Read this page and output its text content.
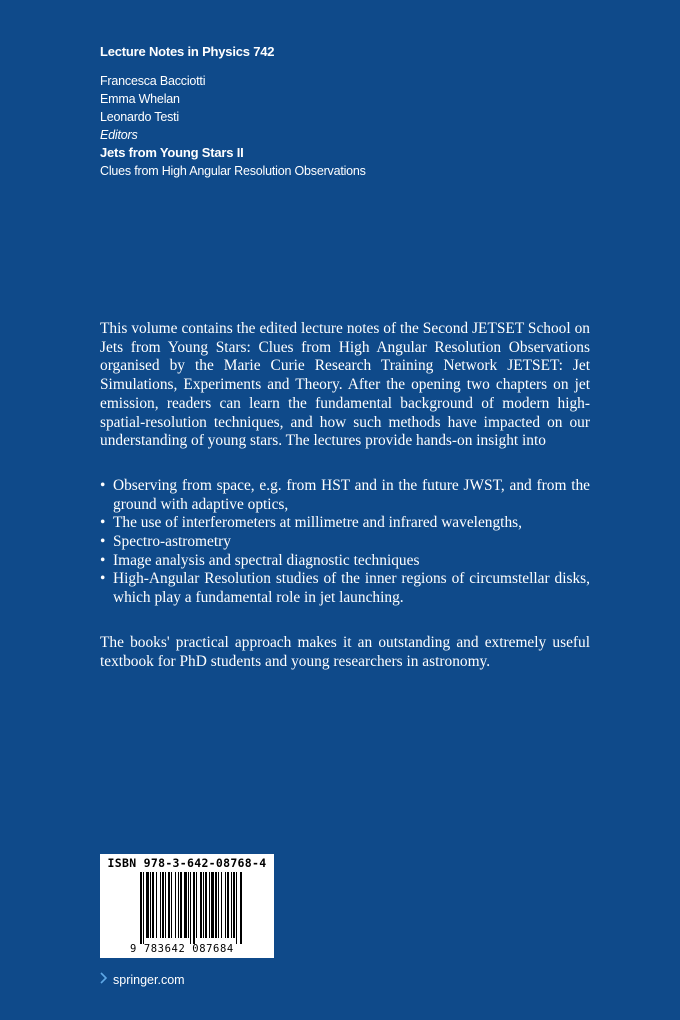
Lecture Notes in Physics 742
Francesca Bacciotti
Emma Whelan
Leonardo Testi
Editors
Jets from Young Stars II
Clues from High Angular Resolution Observations

This volume contains the edited lecture notes of the Second JETSET School on Jets from Young Stars: Clues from High Angular Resolution Observations organised by the Marie Curie Research Training Network JETSET: Jet Simulations, Experiments and Theory. After the opening two chapters on jet emission, readers can learn the fundamental background of modern high-spatial-resolution techniques, and how such methods have impacted on our understanding of young stars. The lectures provide hands-on insight into

• Observing from space, e.g. from HST and in the future JWST, and from the ground with adaptive optics,
• The use of interferometers at millimetre and infrared wavelengths,
• Spectro-astrometry
• Image analysis and spectral diagnostic techniques
• High-Angular Resolution studies of the inner regions of circumstellar disks, which play a fundamental role in jet launching.

The books' practical approach makes it an outstanding and extremely useful textbook for PhD students and young researchers in astronomy.

ISBN 978-3-642-08768-4
9 783642 087684
springer.com
